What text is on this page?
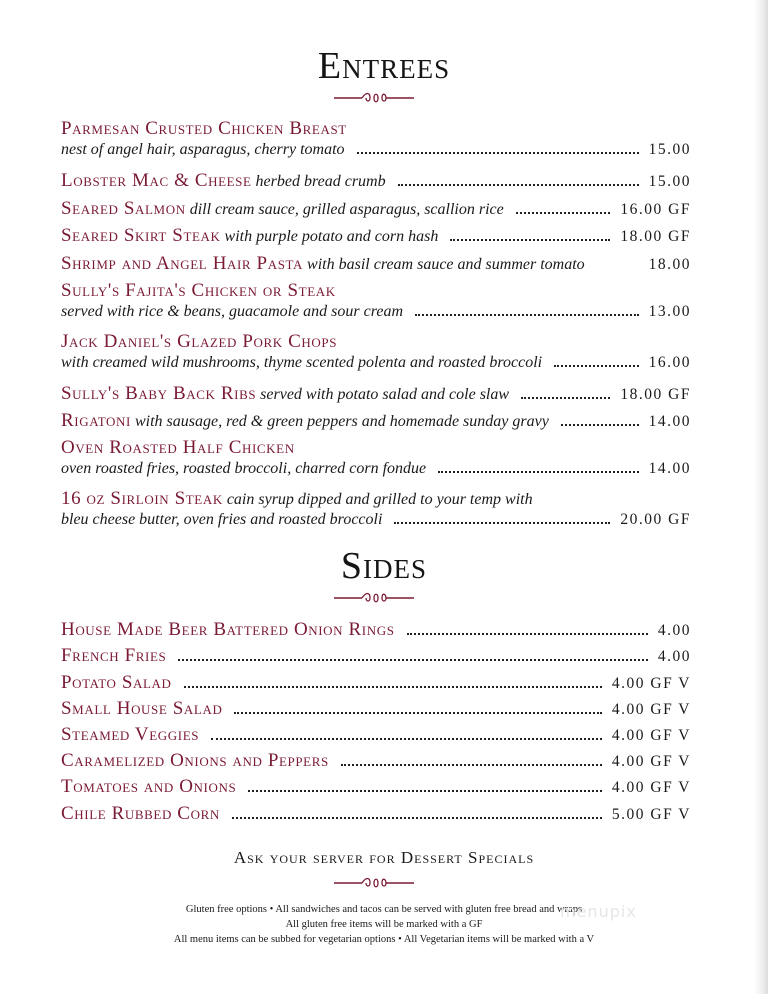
Entrees
Parmesan Crusted Chicken Breast
nest of angel hair, asparagus, cherry tomato	15.00
Lobster Mac & Cheese
herbed bread crumb	15.00
Seared Salmon
dill cream sauce, grilled asparagus, scallion rice	16.00 GF
Seared Skirt Steak
with purple potato and corn hash	18.00 GF
Shrimp and Angel Hair Pasta
with basil cream sauce and summer tomato	18.00
Sully's Fajita's Chicken or Steak
served with rice & beans, guacamole and sour cream	13.00
Jack Daniel's Glazed Pork Chops
with creamed wild mushrooms, thyme scented polenta and roasted broccoli	16.00
Sully's Baby Back Ribs
served with potato salad and cole slaw	18.00 GF
Rigatoni
with sausage, red & green peppers and homemade sunday gravy	14.00
Oven Roasted Half Chicken
oven roasted fries, roasted broccoli, charred corn fondue	14.00
16 oz Sirloin Steak
cain syrup dipped and grilled to your temp with
bleu cheese butter, oven fries and roasted broccoli	20.00 GF
Sides
House Made Beer Battered Onion Rings	4.00
French Fries	4.00
Potato Salad	4.00 GF V
Small House Salad	4.00 GF V
Steamed Veggies	4.00 GF V
Caramelized Onions and Peppers	4.00 GF V
Tomatoes and Onions	4.00 GF V
Chile Rubbed Corn	5.00 GF V
Ask your server for Dessert Specials
Gluten free options • All sandwiches and tacos can be served with gluten free bread and wraps
All gluten free items will be marked with a GF
All menu items can be subbed for vegetarian options • All Vegetarian items will be marked with a V
menupix
